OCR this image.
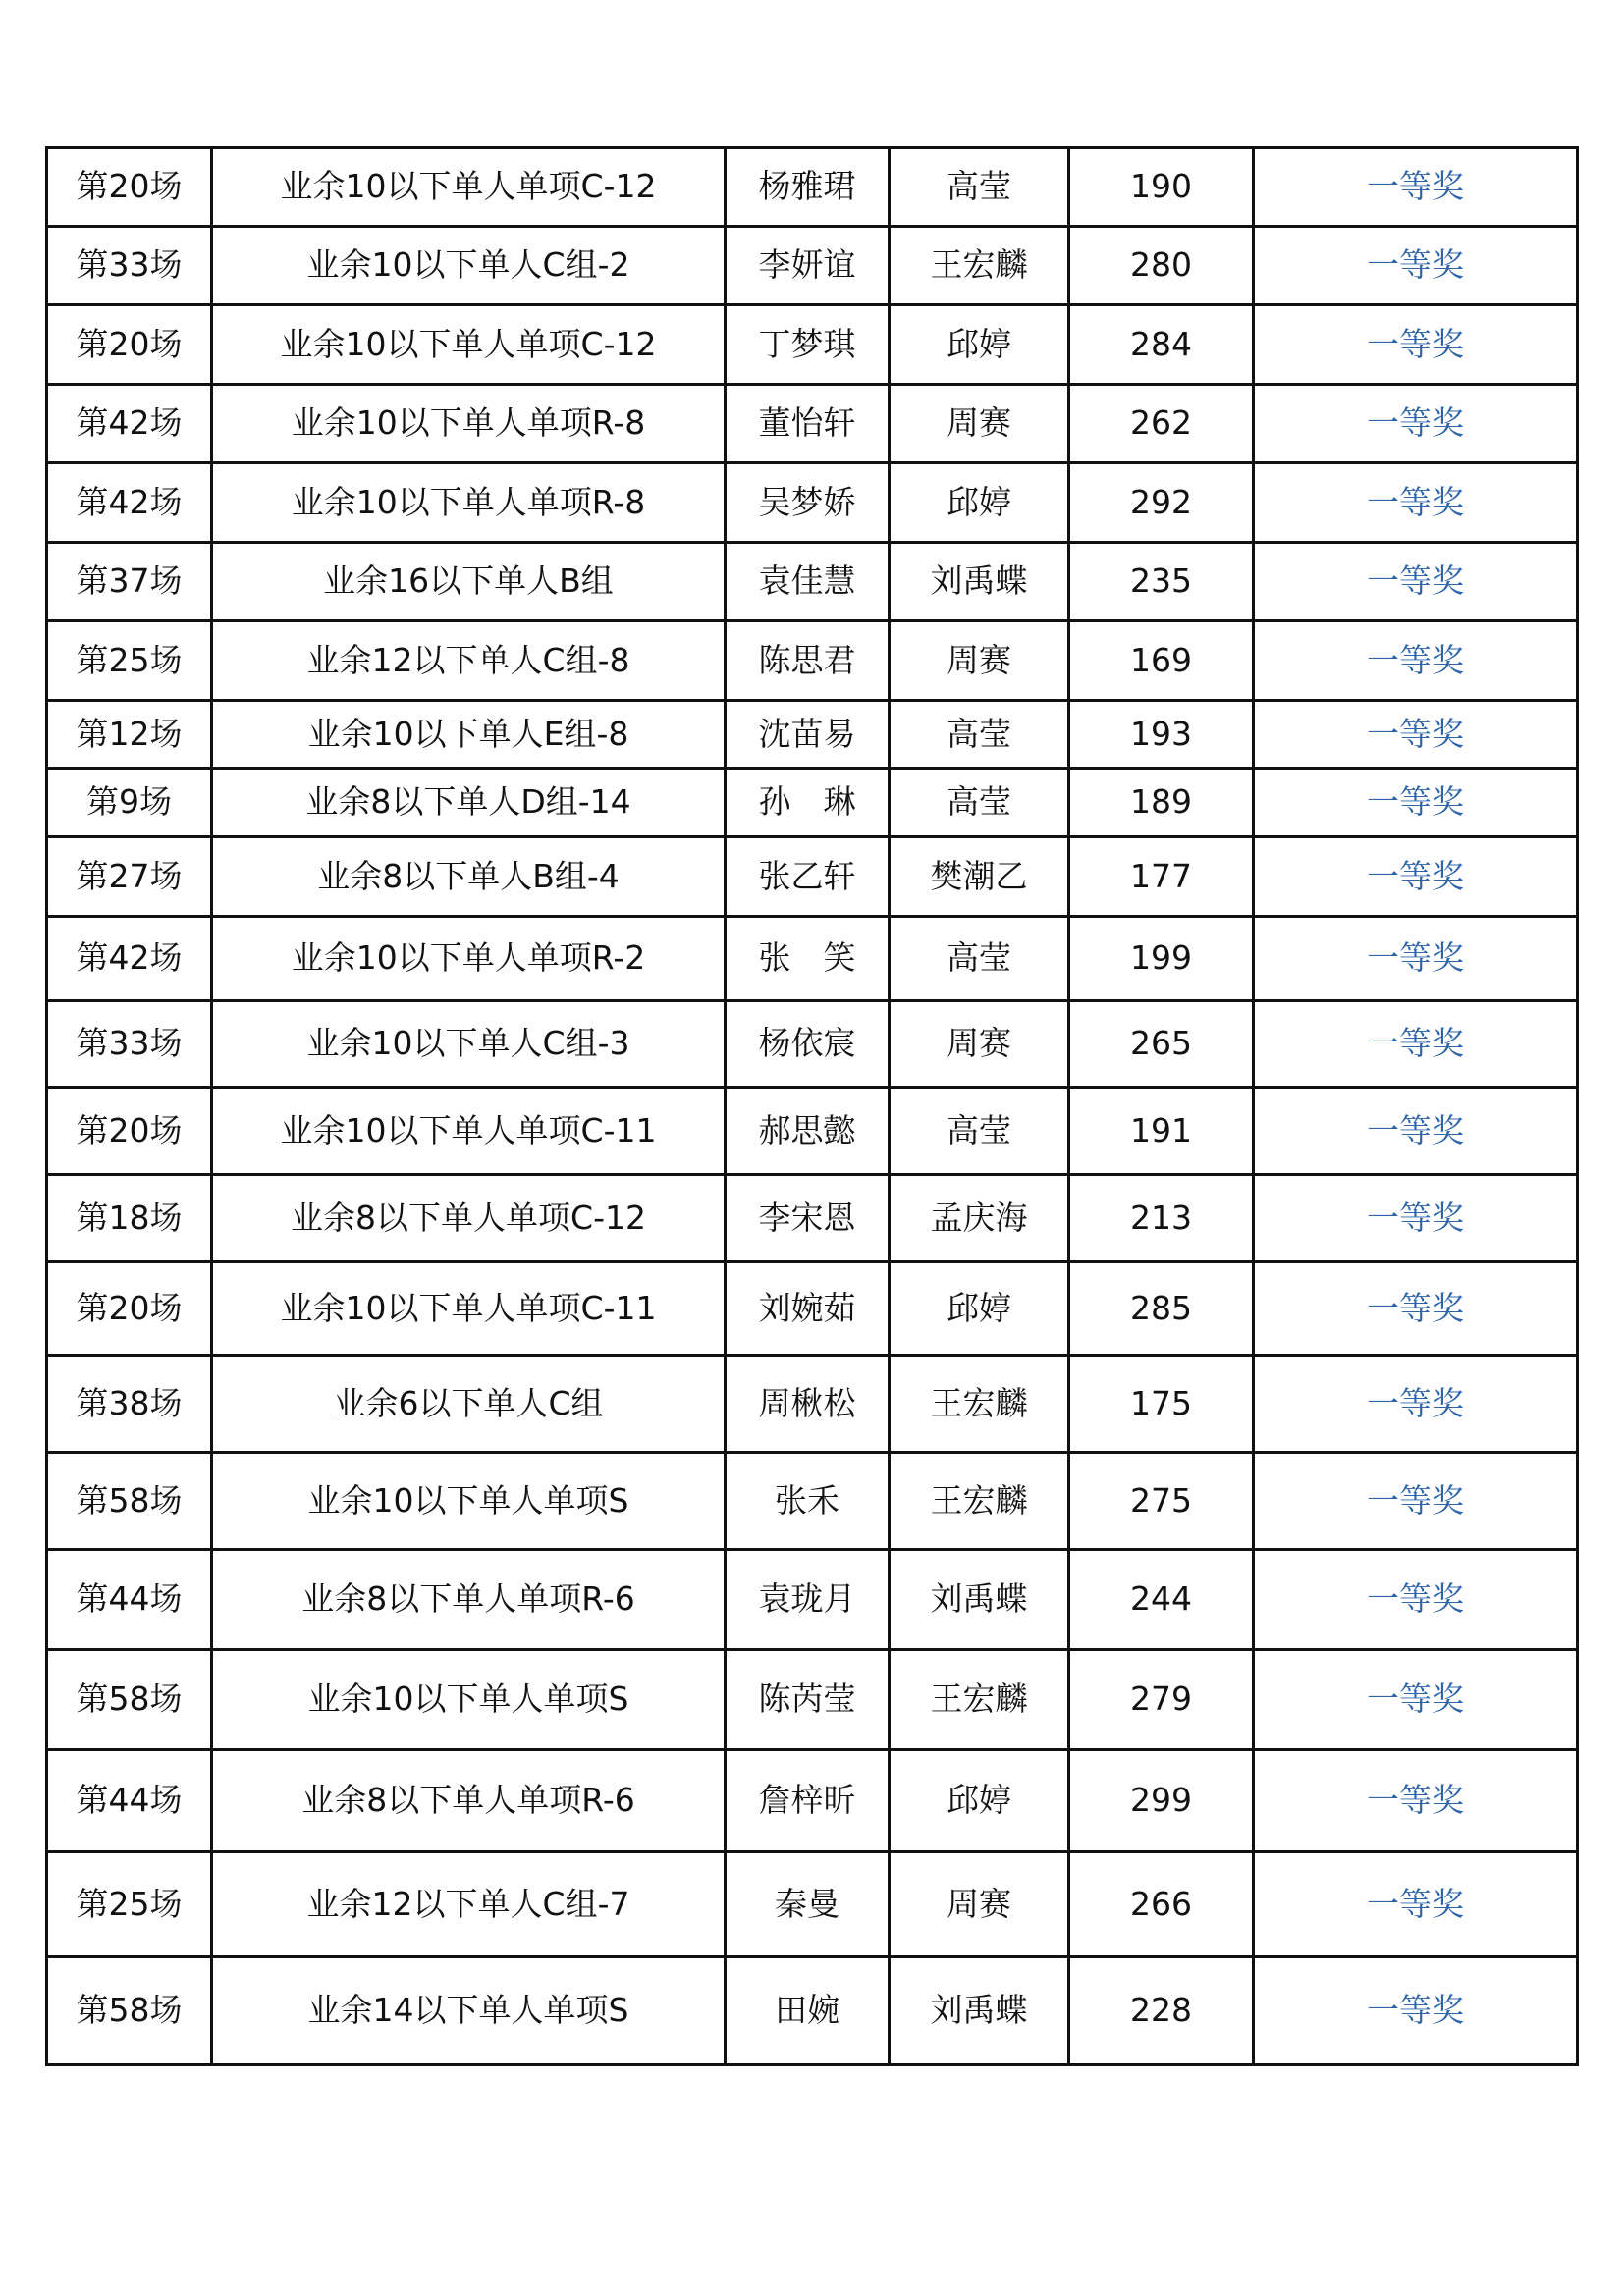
第20场	业余10以下单人单项C-12	杨雅珺	高莹	190	一等奖
第33场	业余10以下单人C组-2	李妍谊	王宏麟	280	一等奖
第20场	业余10以下单人单项C-12	丁梦琪	邱婷	284	一等奖
第42场	业余10以下单人单项R-8	董怡轩	周赛	262	一等奖
第42场	业余10以下单人单项R-8	吴梦娇	邱婷	292	一等奖
第37场	业余16以下单人B组	袁佳慧	刘禹蝶	235	一等奖
第25场	业余12以下单人C组-8	陈思君	周赛	169	一等奖
第12场	业余10以下单人E组-8	沈苗易	高莹	193	一等奖
第9场	业余8以下单人D组-14	孙　琳	高莹	189	一等奖
第27场	业余8以下单人B组-4	张乙轩	樊潮乙	177	一等奖
第42场	业余10以下单人单项R-2	张　笑	高莹	199	一等奖
第33场	业余10以下单人C组-3	杨依宸	周赛	265	一等奖
第20场	业余10以下单人单项C-11	郝思懿	高莹	191	一等奖
第18场	业余8以下单人单项C-12	李宋恩	孟庆海	213	一等奖
第20场	业余10以下单人单项C-11	刘婉茹	邱婷	285	一等奖
第38场	业余6以下单人C组	周楸松	王宏麟	175	一等奖
第58场	业余10以下单人单项S	张禾	王宏麟	275	一等奖
第44场	业余8以下单人单项R-6	袁珑月	刘禹蝶	244	一等奖
第58场	业余10以下单人单项S	陈芮莹	王宏麟	279	一等奖
第44场	业余8以下单人单项R-6	詹梓昕	邱婷	299	一等奖
第25场	业余12以下单人C组-7	秦曼	周赛	266	一等奖
第58场	业余14以下单人单项S	田婉	刘禹蝶	228	一等奖
